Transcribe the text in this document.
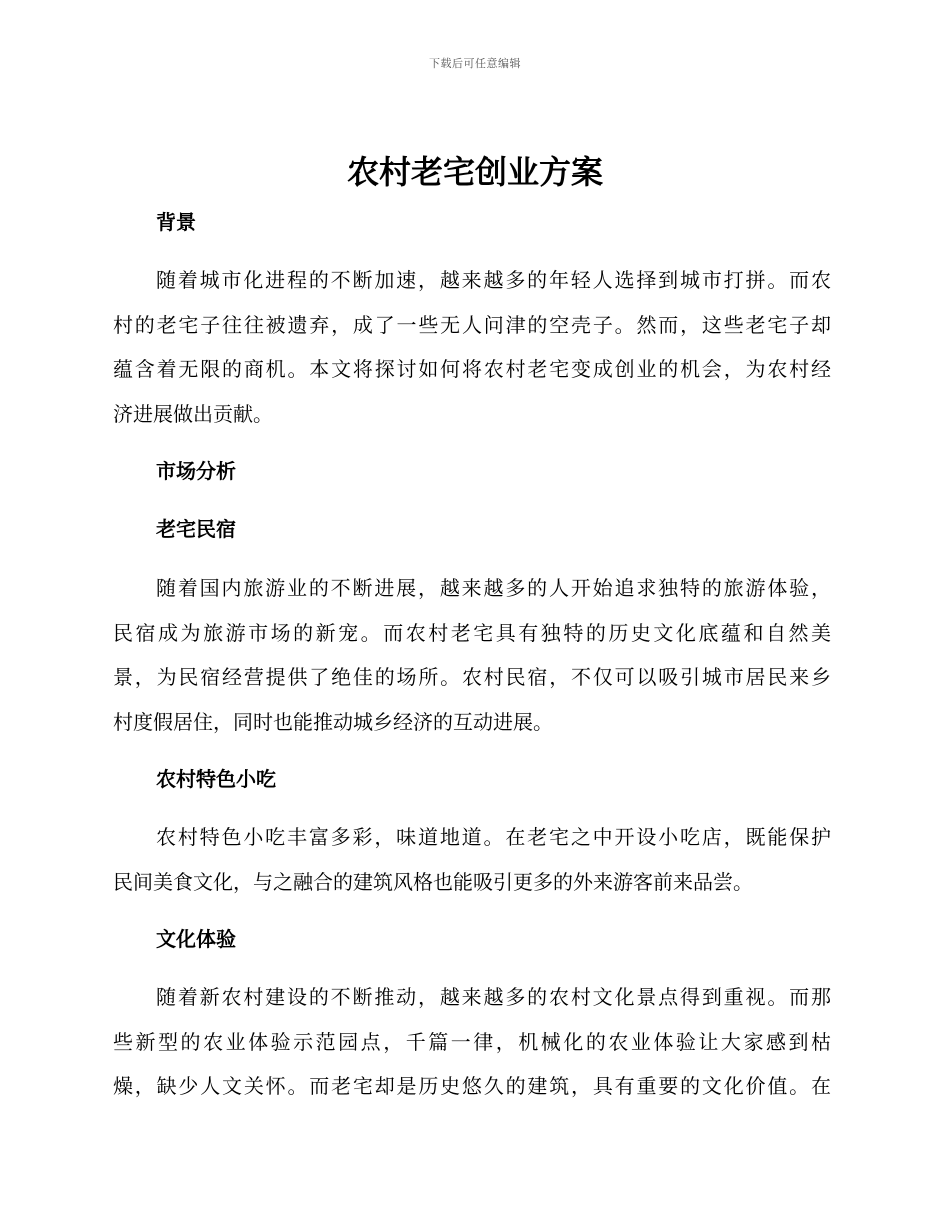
下载后可任意编辑
农村老宅创业方案
背景
随着城市化进程的不断加速，越来越多的年轻人选择到城市打拼。而农
村的老宅子往往被遗弃，成了一些无人问津的空壳子。然而，这些老宅子却
蕴含着无限的商机。本文将探讨如何将农村老宅变成创业的机会，为农村经
济进展做出贡献。
市场分析
老宅民宿
随着国内旅游业的不断进展，越来越多的人开始追求独特的旅游体验，
民宿成为旅游市场的新宠。而农村老宅具有独特的历史文化底蕴和自然美
景，为民宿经营提供了绝佳的场所。农村民宿，不仅可以吸引城市居民来乡
村度假居住，同时也能推动城乡经济的互动进展。
农村特色小吃
农村特色小吃丰富多彩，味道地道。在老宅之中开设小吃店，既能保护
民间美食文化，与之融合的建筑风格也能吸引更多的外来游客前来品尝。
文化体验
随着新农村建设的不断推动，越来越多的农村文化景点得到重视。而那
些新型的农业体验示范园点，千篇一律，机械化的农业体验让大家感到枯
燥，缺少人文关怀。而老宅却是历史悠久的建筑，具有重要的文化价值。在
